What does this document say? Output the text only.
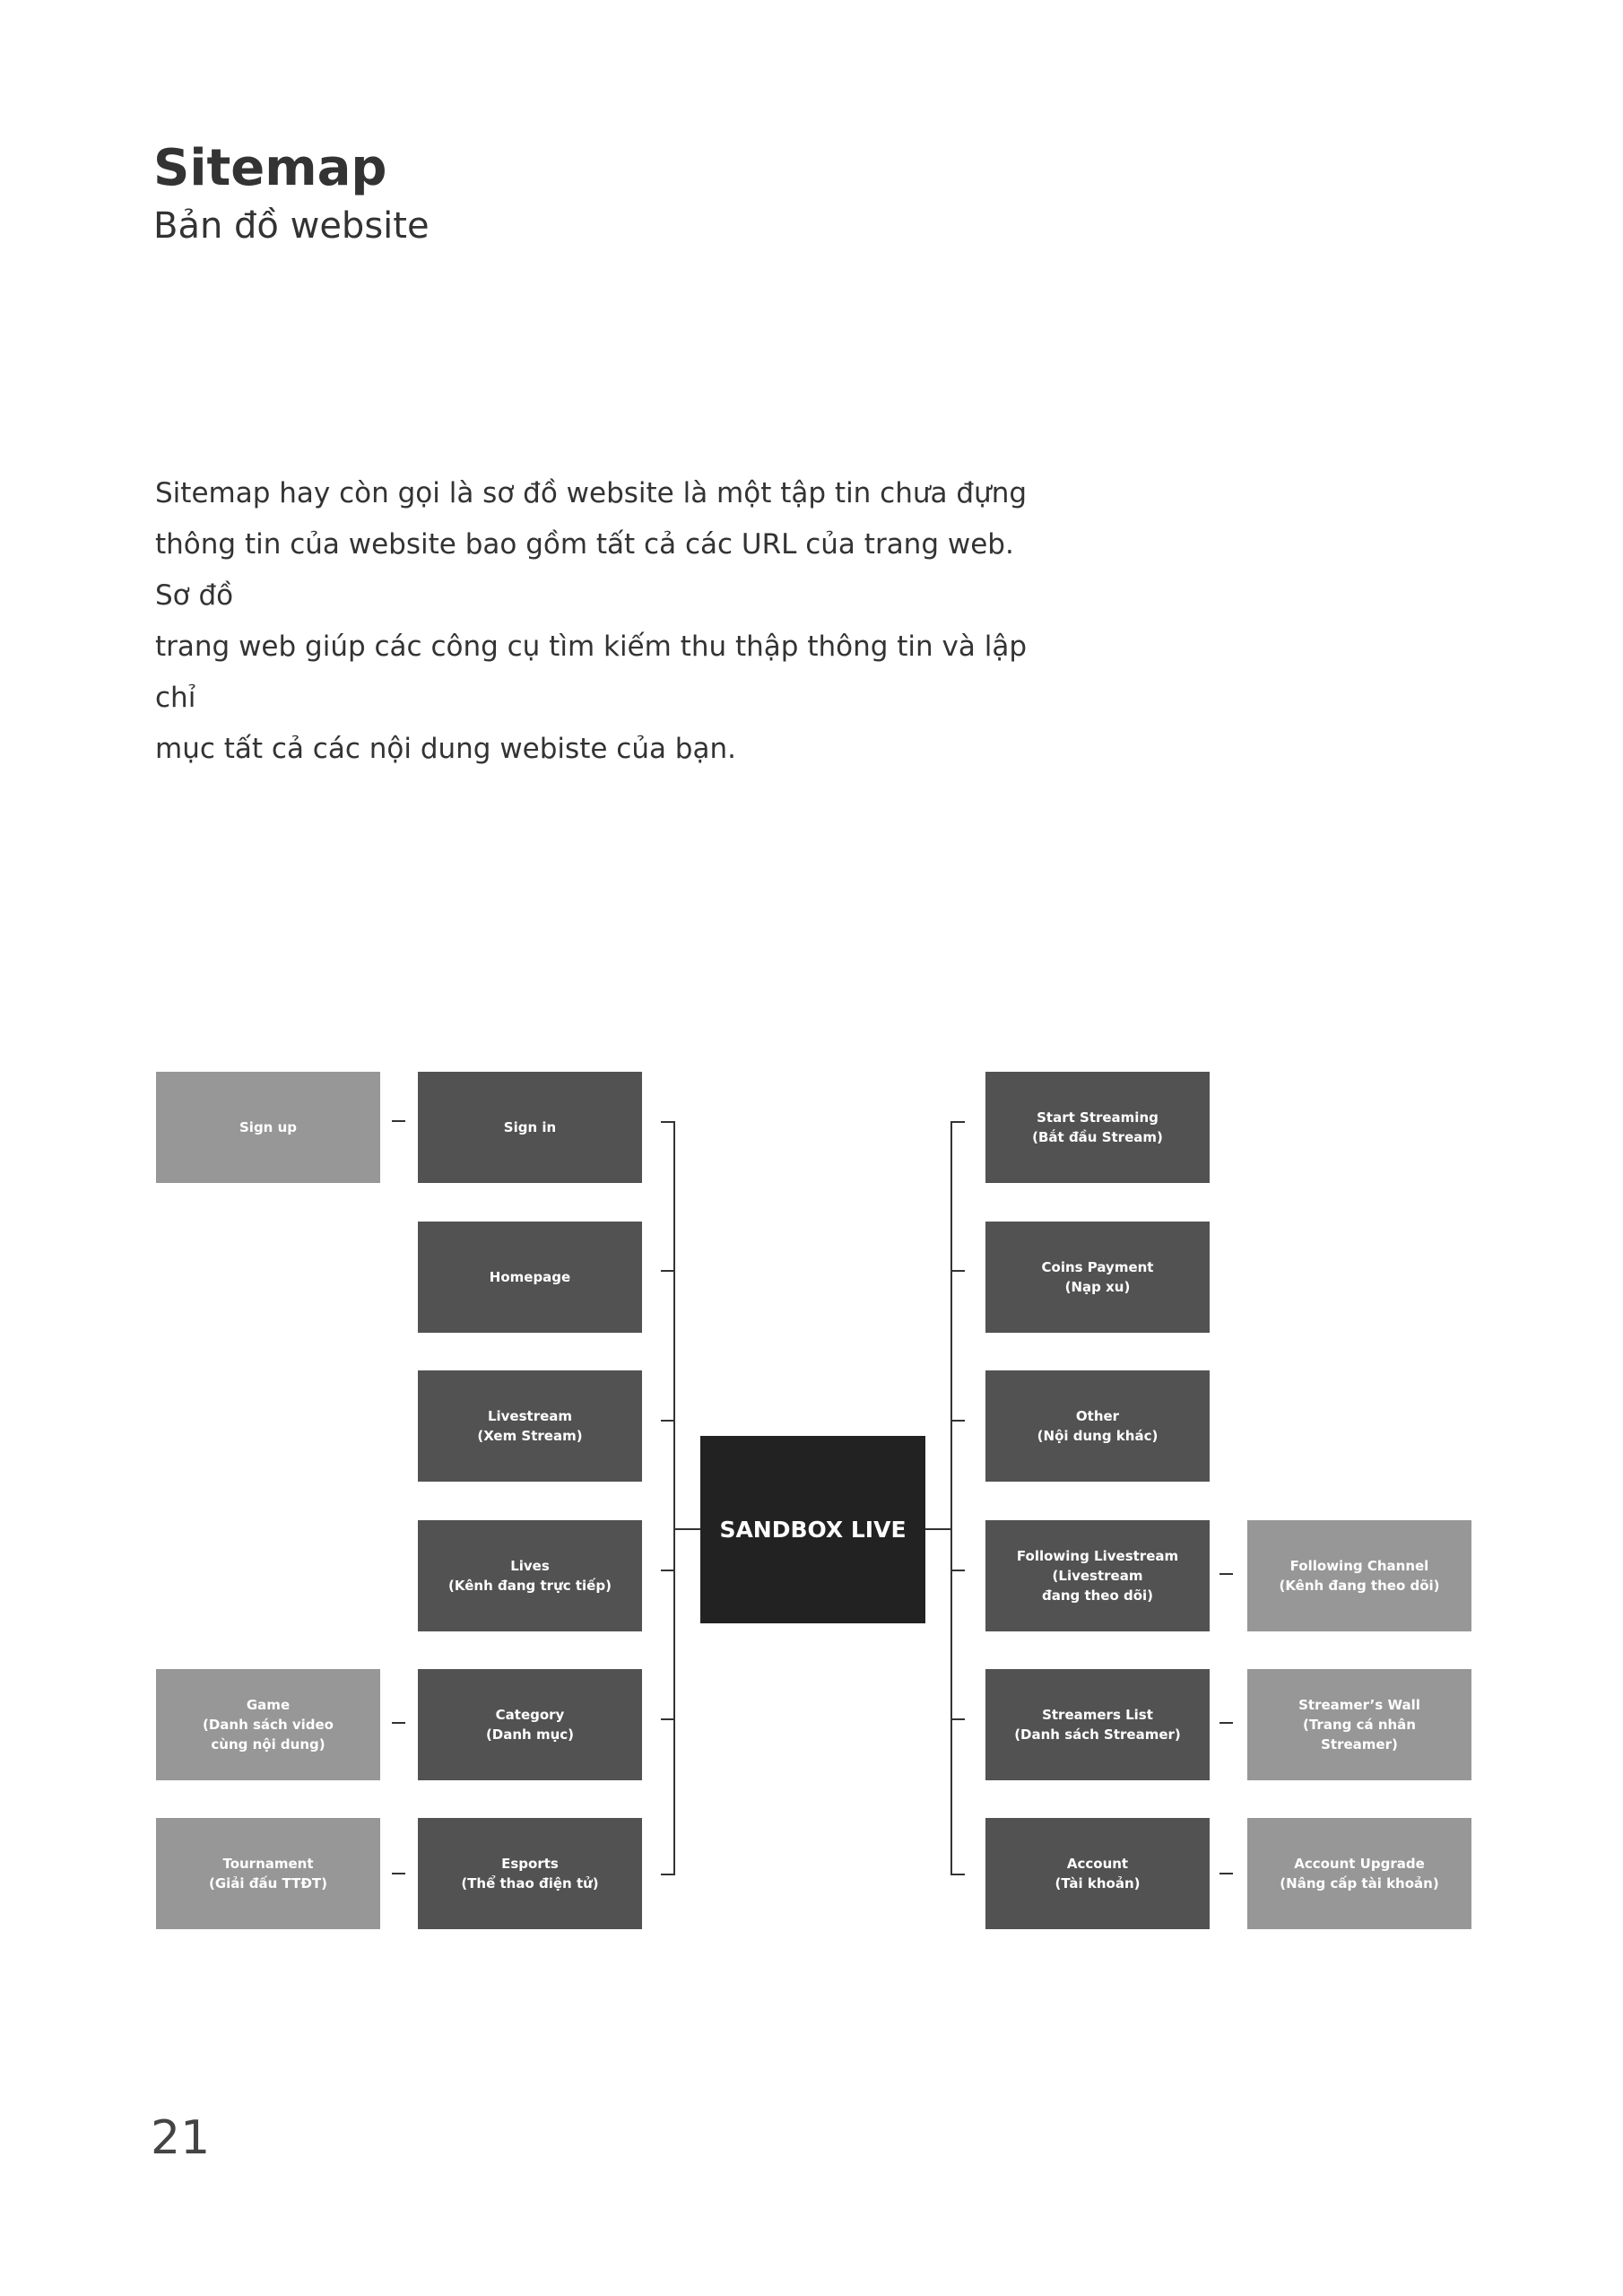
Sitemap
Bản đồ website

Sitemap hay còn gọi là sơ đồ website là một tập tin chưa đựng
thông tin của website bao gồm tất cả các URL của trang web. Sơ đồ
trang web giúp các công cụ tìm kiếm thu thập thông tin và lập chỉ
mục tất cả các nội dung webiste của bạn.

SANDBOX LIVE
Sign up
Game
(Danh sách video
cùng nội dung)
Tournament
(Giải đấu TTĐT)
Sign in
Homepage
Livestream
(Xem Stream)
Lives
(Kênh đang trực tiếp)
Category
(Danh mục)
Esports
(Thể thao điện tử)
Start Streaming
(Bắt đầu Stream)
Coins Payment
(Nạp xu)
Other
(Nội dung khác)
Following Livestream
(Livestream
đang theo dõi)
Streamers List
(Danh sách Streamer)
Account
(Tài khoản)
Following Channel
(Kênh đang theo dõi)
Streamer’s Wall
(Trang cá nhân
Streamer)
Account Upgrade
(Nâng cấp tài khoản)
21
